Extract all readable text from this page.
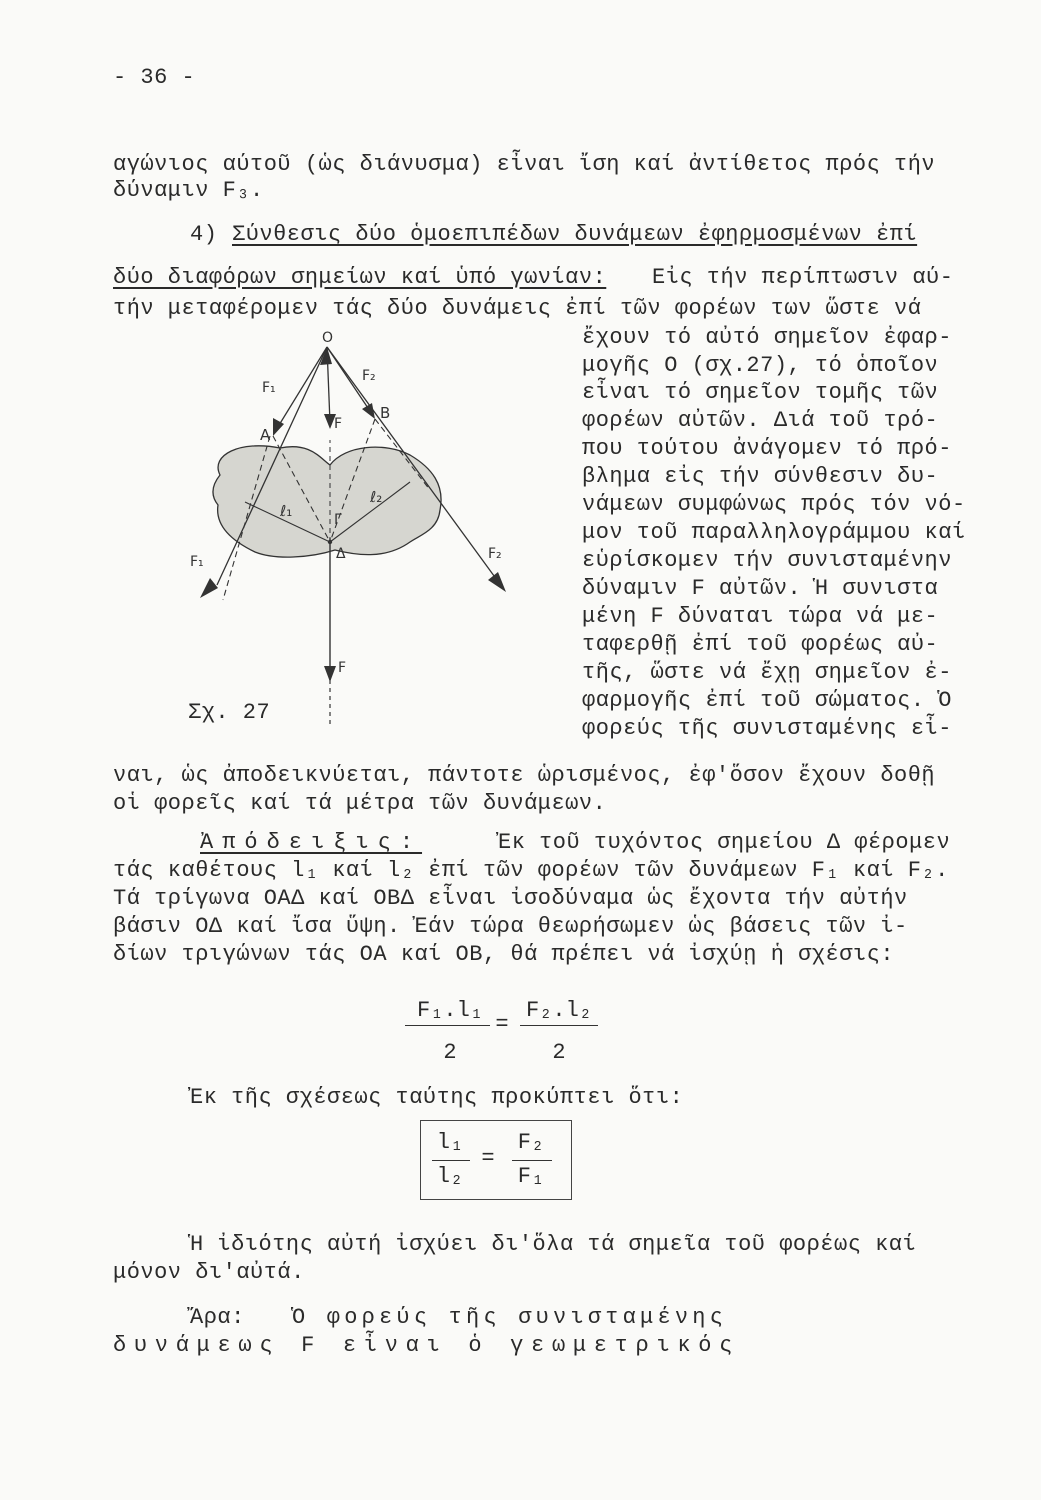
- 36 -
αγώνιος αύτοῦ (ὡς διάνυσμα) εἶναι ἴση καί ἀντίθετος πρός τήν
δύναμιν F₃.
4) Σύνθεσις δύο ὁμοεπιπέδων δυνάμεων ἐφηρμοσμένων ἐπί
δύο διαφόρων σημείων καί ὑπό γωνίαν: Εἰς τήν περίπτωσιν αύ-
τήν μεταφέρομεν τάς δύο δυνάμεις ἐπί τῶν φορέων των ὥστε νά
ἔχουν τό αὐτό σημεῖον ἐφαρ-
μογῆς Ο (σχ.27), τό ὁποῖον
εἶναι τό σημεῖον τομῆς τῶν
φορέων αὐτῶν. Διά τοῦ τρό-
που τούτου ἀνάγομεν τό πρό-
βλημα εἰς τήν σύνθεσιν δυ-
νάμεων συμφώνως πρός τόν νό-
μον τοῦ παραλληλογράμμου καί
εὑρίσκομεν τήν συνισταμένην
δύναμιν F αὐτῶν. Ἡ συνιστα
μένη F δύναται τώρα νά με-
ταφερθῇ ἐπί τοῦ φορέως αὐ-
τῆς, ὥστε νά ἔχῃ σημεῖον ἐ-
φαρμογῆς ἐπί τοῦ σώματος. Ὁ
φορεύς τῆς συνισταμένης εἶ-
O
F₁
F₂
A
B
F
ℓ₁
ℓ₂
Γ
Δ
F₁	F₂
F
Σχ. 27
ναι, ὡς ἀποδεικνύεται, πάντοτε ὡρισμένος, ἐφ'ὅσον ἔχουν δοθῇ
οἱ φορεῖς καί τά μέτρα τῶν δυνάμεων.
Ἀπόδειξις:	Ἐκ τοῦ τυχόντος σημείου Δ φέρομεν
τάς καθέτους l₁ καί l₂ ἐπί τῶν φορέων τῶν δυνάμεων F₁ καί F₂.
Τά τρίγωνα ΟΑΔ καί ΟΒΔ εἶναι ἰσοδύναμα ὡς ἔχοντα τήν αὐτήν
βάσιν ΟΔ καί ἴσα ὕψη. Ἐάν τώρα θεωρήσωμεν ὡς βάσεις τῶν ἰ-
δίων τριγώνων τάς ΟΑ καί ΟΒ, θά πρέπει νά ἰσχύῃ ἡ σχέσις:
F₁.l₁
2
=
F₂.l₂
2
Ἐκ τῆς σχέσεως ταύτης προκύπτει ὅτι:
l₁
l₂
=
F₂
F₁
Ἡ ἰδιότης αὐτή ἰσχύει δι'ὅλα τά σημεῖα τοῦ φορέως καί
μόνον δι'αὐτά.
Ἄρα: Ὁ φορεύς τῆς συνισταμένης
δυνάμεως F εἶναι ὁ γεωμετρικός
